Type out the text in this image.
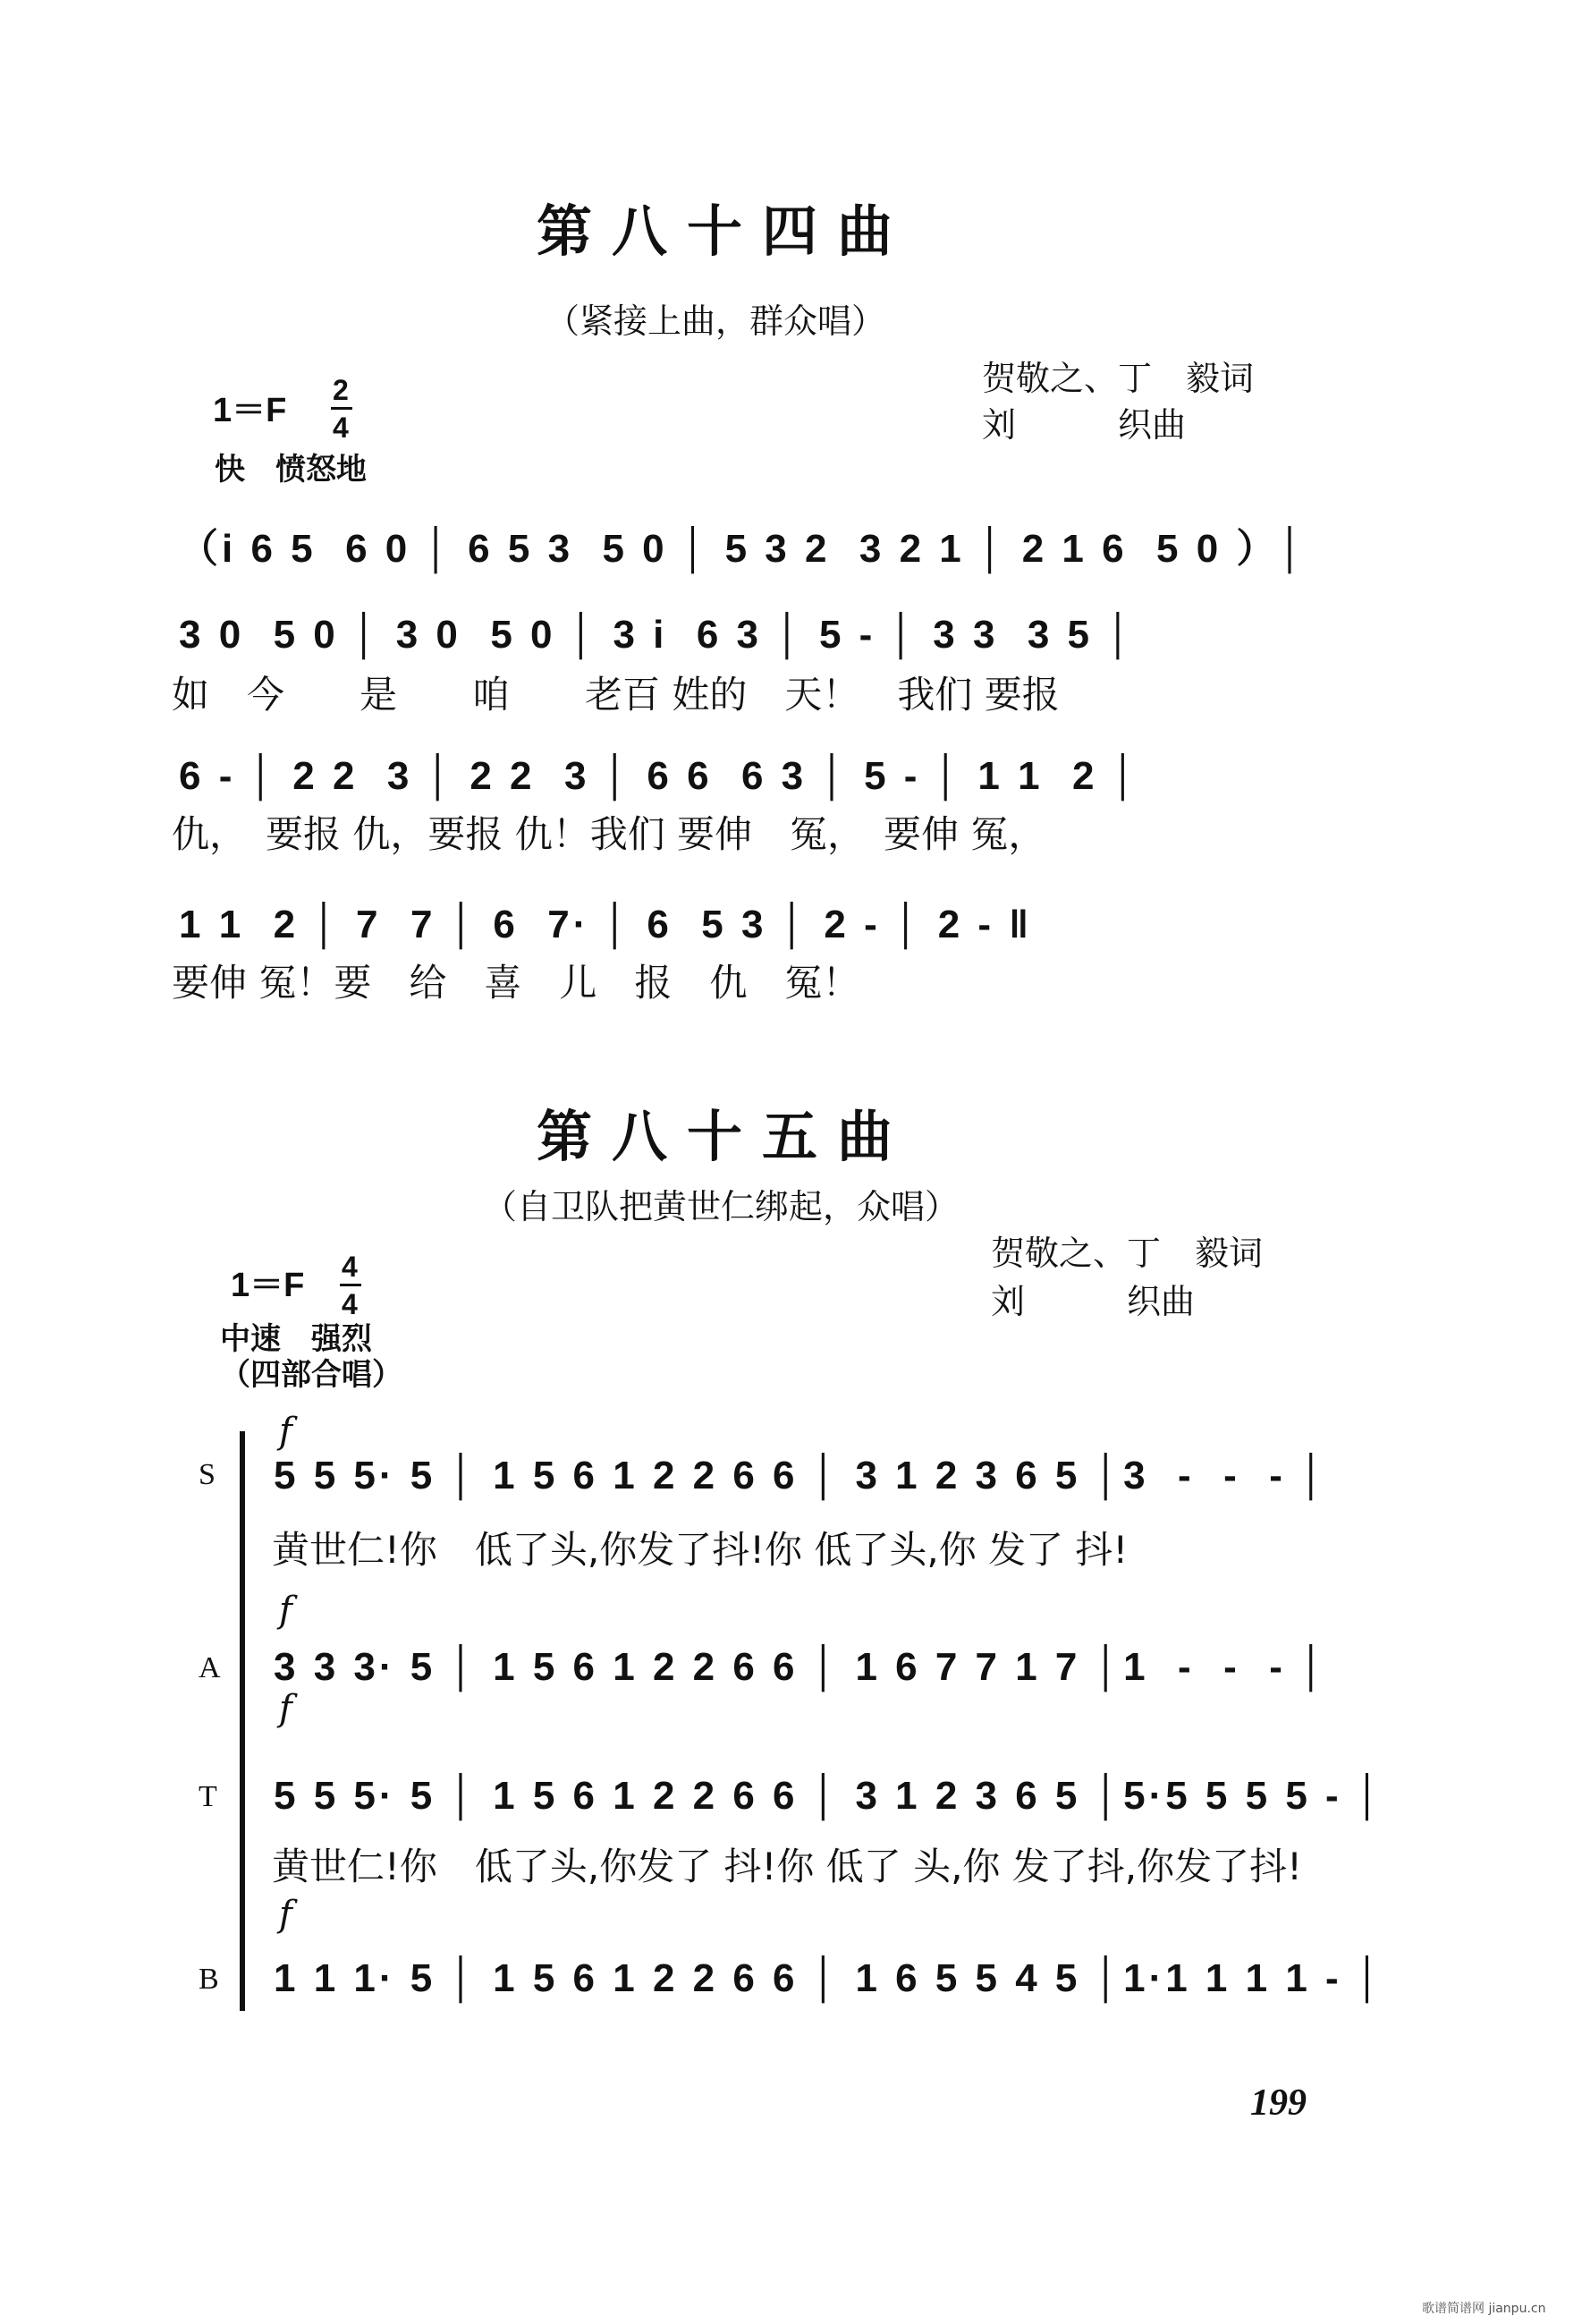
第八十四曲
（紧接上曲，群众唱）
贺敬之、丁　毅词
刘　　　织曲
1＝F
2
4
快　愤怒地
（i 6 5  6 0 │ 6 5 3  5 0 │ 5 3 2  3 2 1 │ 2 1 6  5 0 ）│
3 0  5 0 │ 3 0  5 0 │ 3 i  6 3 │ 5 - │ 3 3  3 5 │
如　今　　是　　咱　　老百 姓的　天！　我们 要报
6 - │ 2 2  3 │ 2 2  3 │ 6 6  6 3 │ 5 - │ 1 1  2 │
仇，　要报 仇，要报 仇！我们 要伸　冤，　要伸 冤，
1 1  2 │ 7  7 │ 6  7· │ 6  5 3 │ 2 - │ 2 - ‖
要伸 冤！要　给　喜　儿　报　仇　冤！
第八十五曲
（自卫队把黄世仁绑起，众唱）
贺敬之、丁　毅词
刘　　　织曲
1＝F 4
4
中速　强烈
（四部合唱）
S
f
5 5 5· 5 │ 1 5 6 1 2 2 6 6 │ 3 1 2 3 6 5 │3  -  -  - │
黄世仁!你　低了头,你发了抖!你 低了头,你 发了 抖!
A
f
3 3 3· 5 │ 1 5 6 1 2 2 6 6 │ 1 6 7 7 1 7 │1  -  -  - │
T
f
5 5 5· 5 │ 1 5 6 1 2 2 6 6 │ 3 1 2 3 6 5 │5·5 5 5 5 - │
黄世仁!你　低了头,你发了 抖!你 低了 头,你 发了抖,你发了抖!
B
f
1 1 1· 5 │ 1 5 6 1 2 2 6 6 │ 1 6 5 5 4 5 │1·1 1 1 1 - │
199
歌谱简谱网 jianpu.cn
